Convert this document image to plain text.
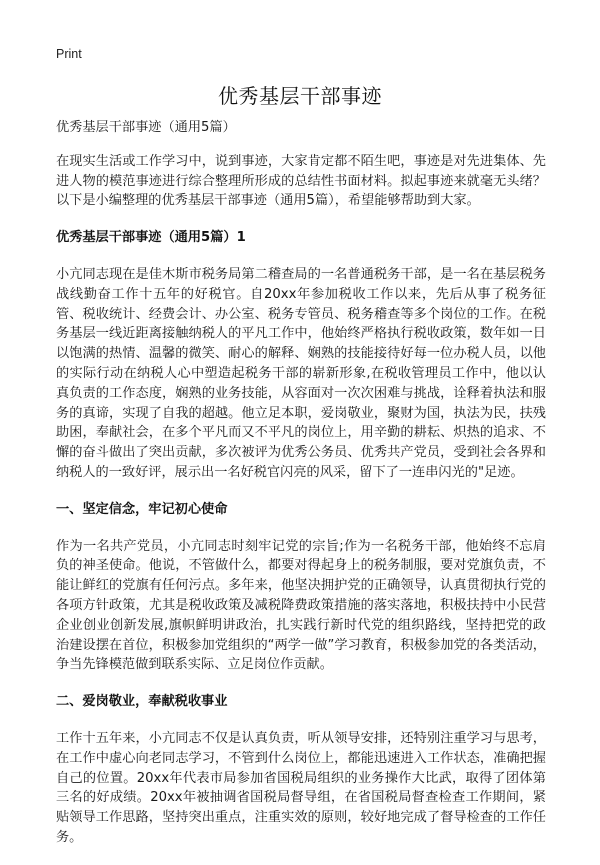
Print
优秀基层干部事迹

优秀基层干部事迹（通用5篇）

在现实生活或工作学习中，说到事迹，大家肯定都不陌生吧，事迹是对先进集体、先进人物的模范事迹进行综合整理所形成的总结性书面材料。拟起事迹来就毫无头绪？以下是小编整理的优秀基层干部事迹（通用5篇），希望能够帮助到大家。

优秀基层干部事迹（通用5篇）1

小亢同志现在是佳木斯市税务局第二稽查局的一名普通税务干部，是一名在基层税务战线勤奋工作十五年的好税官。自20xx年参加税收工作以来，先后从事了税务征管、税收统计、经费会计、办公室、税务专管员、税务稽查等多个岗位的工作。在税务基层一线近距离接触纳税人的平凡工作中，他始终严格执行税收政策，数年如一日以饱满的热情、温馨的微笑、耐心的解释、娴熟的技能接待好每一位办税人员，以他的实际行动在纳税人心中塑造起税务干部的崭新形象,在税收管理员工作中，他以认真负责的工作态度，娴熟的业务技能，从容面对一次次困难与挑战，诠释着执法和服务的真谛，实现了自我的超越。他立足本职，爱岗敬业，聚财为国，执法为民，扶残助困，奉献社会，在多个平凡而又不平凡的岗位上，用辛勤的耕耘、炽热的追求、不懈的奋斗做出了突出贡献，多次被评为优秀公务员、优秀共产党员，受到社会各界和纳税人的一致好评，展示出一名好税官闪亮的风采，留下了一连串闪光的"足迹。

一、坚定信念，牢记初心使命

作为一名共产党员，小亢同志时刻牢记党的宗旨;作为一名税务干部，他始终不忘肩负的神圣使命。他说，不管做什么，都要对得起身上的税务制服，要对党旗负责，不能让鲜红的党旗有任何污点。多年来，他坚决拥护党的正确领导，认真贯彻执行党的各项方针政策，尤其是税收政策及减税降费政策措施的落实落地，积极扶持中小民营企业创业创新发展,旗帜鲜明讲政治，扎实践行新时代党的组织路线，坚持把党的政治建设摆在首位，积极参加党组织的“两学一做”学习教育，积极参加党的各类活动，争当先锋模范做到联系实际、立足岗位作贡献。

二、爱岗敬业，奉献税收事业

工作十五年来，小亢同志不仅是认真负责，听从领导安排，还特别注重学习与思考，在工作中虚心向老同志学习，不管到什么岗位上，都能迅速进入工作状态，准确把握自己的位置。20xx年代表市局参加省国税局组织的业务操作大比武，取得了团体第三名的好成绩。20xx年被抽调省国税局督导组，在省国税局督查检查工作期间，紧贴领导工作思路，坚持突出重点，注重实效的原则，较好地完成了督导检查的工作任务。
